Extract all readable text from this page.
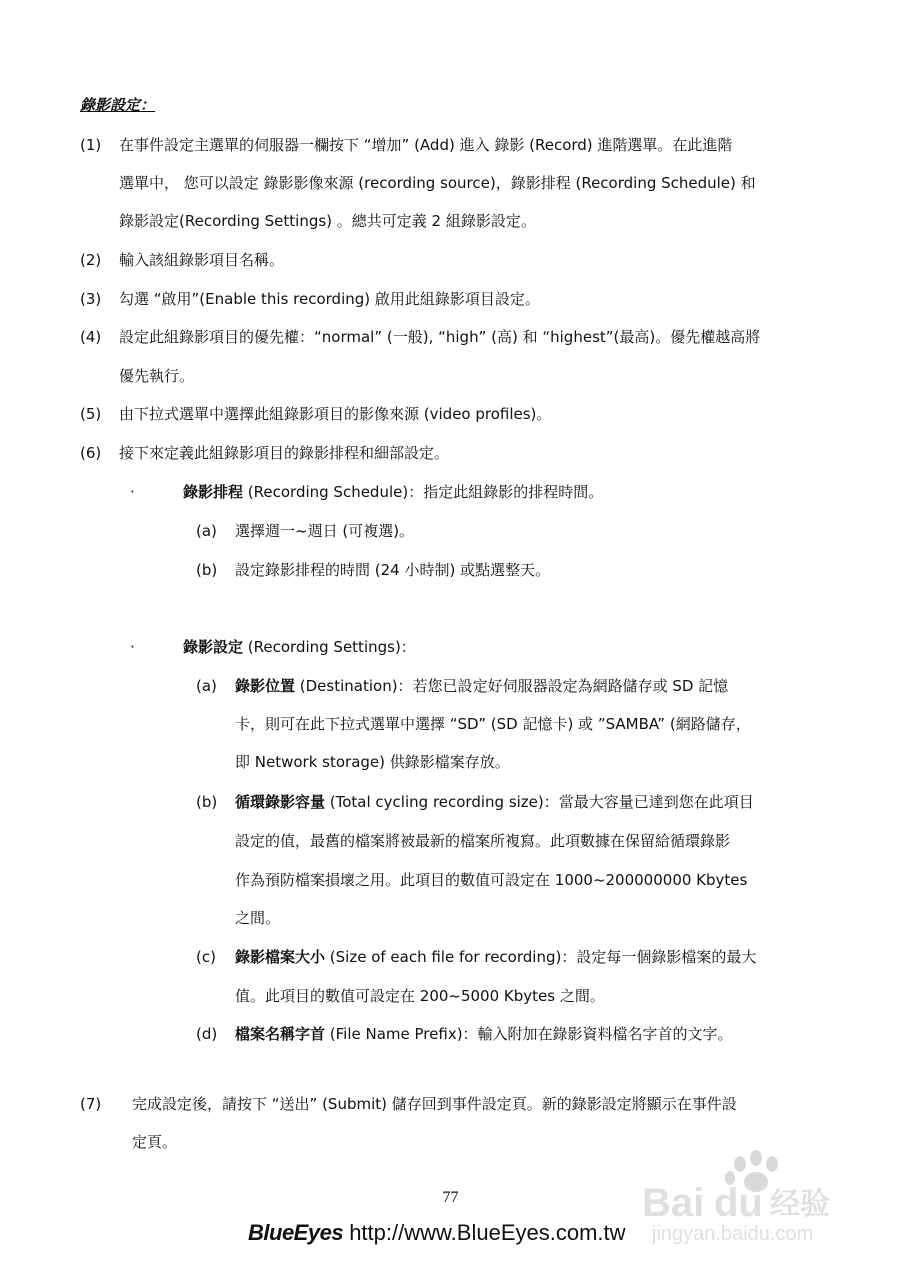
錄影設定：
(1) 在事件設定主選單的伺服器一欄按下 “增加” (Add) 進入 錄影 (Record) 進階選單。在此進階
選單中， 您可以設定 錄影影像來源 (recording source)，錄影排程 (Recording Schedule) 和
錄影設定(Recording Settings) 。總共可定義 2 組錄影設定。
(2) 輸入該組錄影項目名稱。
(3) 勾選 “啟用”(Enable this recording) 啟用此組錄影項目設定。
(4) 設定此組錄影項目的優先權：“normal” (一般), “high” (高) 和 “highest”(最高)。優先權越高將
優先執行。
(5) 由下拉式選單中選擇此組錄影項目的影像來源 (video profiles)。
(6) 接下來定義此組錄影項目的錄影排程和細部設定。
·	錄影排程 (Recording Schedule)：指定此組錄影的排程時間。
(a) 選擇週一~週日 (可複選)。
(b) 設定錄影排程的時間 (24 小時制) 或點選整天。
·	錄影設定 (Recording Settings)：
(a) 錄影位置 (Destination)：若您已設定好伺服器設定為網路儲存或 SD 記憶
卡，則可在此下拉式選單中選擇 “SD” (SD 記憶卡) 或 ”SAMBA” (網路儲存，
即 Network storage) 供錄影檔案存放。
(b) 循環錄影容量 (Total cycling recording size)：當最大容量已達到您在此項目
設定的值，最舊的檔案將被最新的檔案所複寫。此項數據在保留給循環錄影
作為預防檔案損壞之用。此項目的數值可設定在 1000~200000000 Kbytes
之間。
(c) 錄影檔案大小 (Size of each file for recording)：設定每一個錄影檔案的最大
值。此項目的數值可設定在 200~5000 Kbytes 之間。
(d) 檔案名稱字首 (File Name Prefix)：輸入附加在錄影資料檔名字首的文字。
(7) 完成設定後，請按下 “送出” (Submit) 儲存回到事件設定頁。新的錄影設定將顯示在事件設
定頁。
Bai du 经验
jingyan.baidu.com
77
BlueEyes http://www.BlueEyes.com.tw
